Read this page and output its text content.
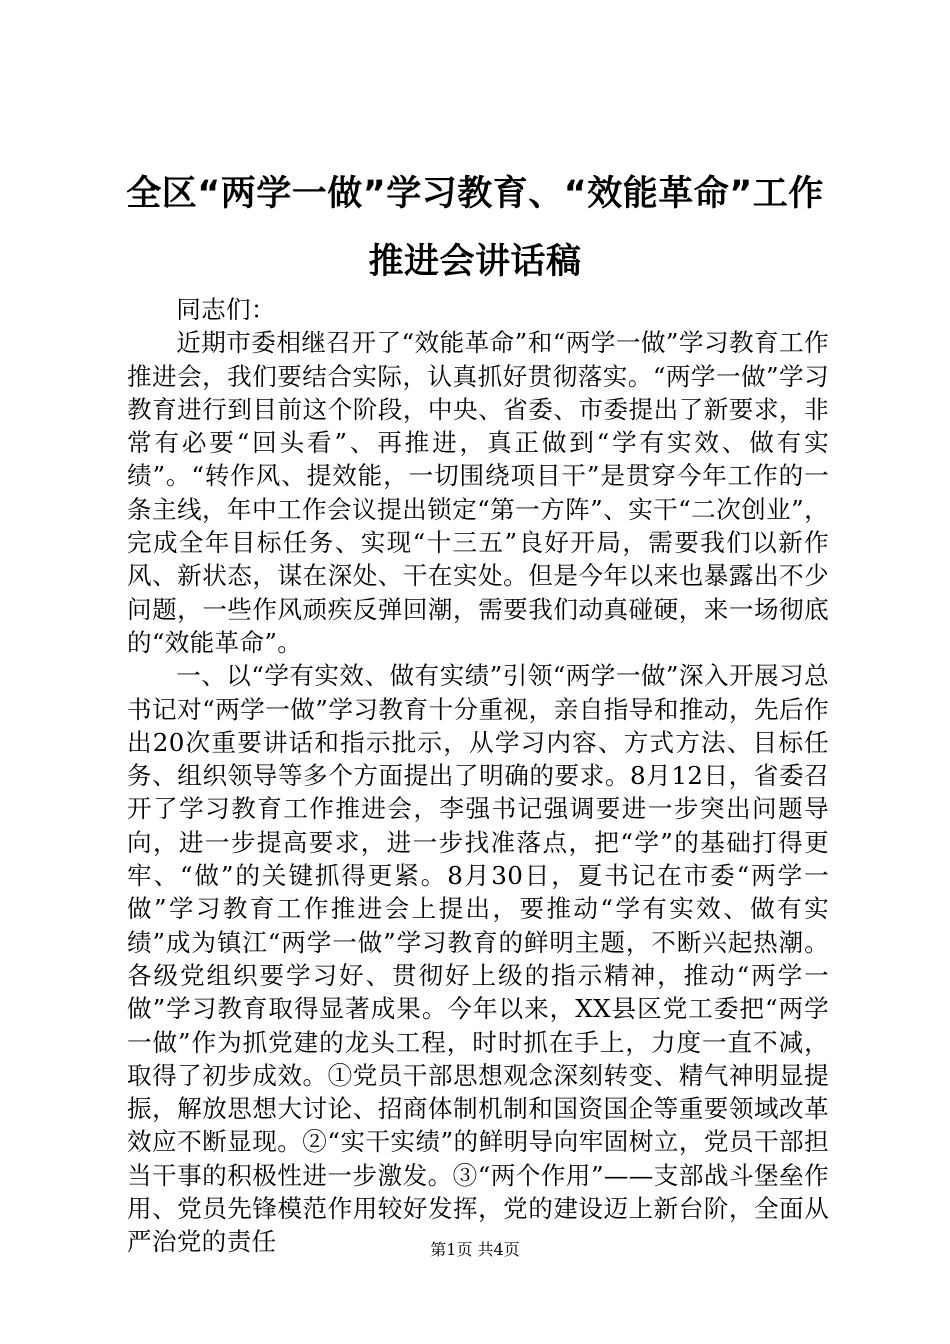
全区“两学一做”学习教育、“效能革命”工作推进会讲话稿

同志们：

近期市委相继召开了“效能革命”和“两学一做”学习教育工作推进会，我们要结合实际，认真抓好贯彻落实。“两学一做”学习教育进行到目前这个阶段，中央、省委、市委提出了新要求，非常有必要“回头看”、再推进，真正做到“学有实效、做有实绩”。“转作风、提效能，一切围绕项目干”是贯穿今年工作的一条主线，年中工作会议提出锁定“第一方阵”、实干“二次创业”，完成全年目标任务、实现“十三五”良好开局，需要我们以新作风、新状态，谋在深处、干在实处。但是今年以来也暴露出不少问题，一些作风顽疾反弹回潮，需要我们动真碰硬，来一场彻底的“效能革命”。

一、以“学有实效、做有实绩”引领“两学一做”深入开展习总书记对“两学一做”学习教育十分重视，亲自指导和推动，先后作出20次重要讲话和指示批示，从学习内容、方式方法、目标任务、组织领导等多个方面提出了明确的要求。8月12日，省委召开了学习教育工作推进会，李强书记强调要进一步突出问题导向，进一步提高要求，进一步找准落点，把“学”的基础打得更牢、“做”的关键抓得更紧。8月30日，夏书记在市委“两学一做”学习教育工作推进会上提出，要推动“学有实效、做有实绩”成为镇江“两学一做”学习教育的鲜明主题，不断兴起热潮。各级党组织要学习好、贯彻好上级的指示精神，推动“两学一做”学习教育取得显著成果。今年以来，XX县区党工委把“两学一做”作为抓党建的龙头工程，时时抓在手上，力度一直不减，取得了初步成效。①党员干部思想观念深刻转变、精气神明显提振，解放思想大讨论、招商体制机制和国资国企等重要领域改革效应不断显现。②“实干实绩”的鲜明导向牢固树立，党员干部担当干事的积极性进一步激发。③“两个作用”——支部战斗堡垒作用、党员先锋模范作用较好发挥，党的建设迈上新台阶，全面从严治党的责任	第1页 共4页
